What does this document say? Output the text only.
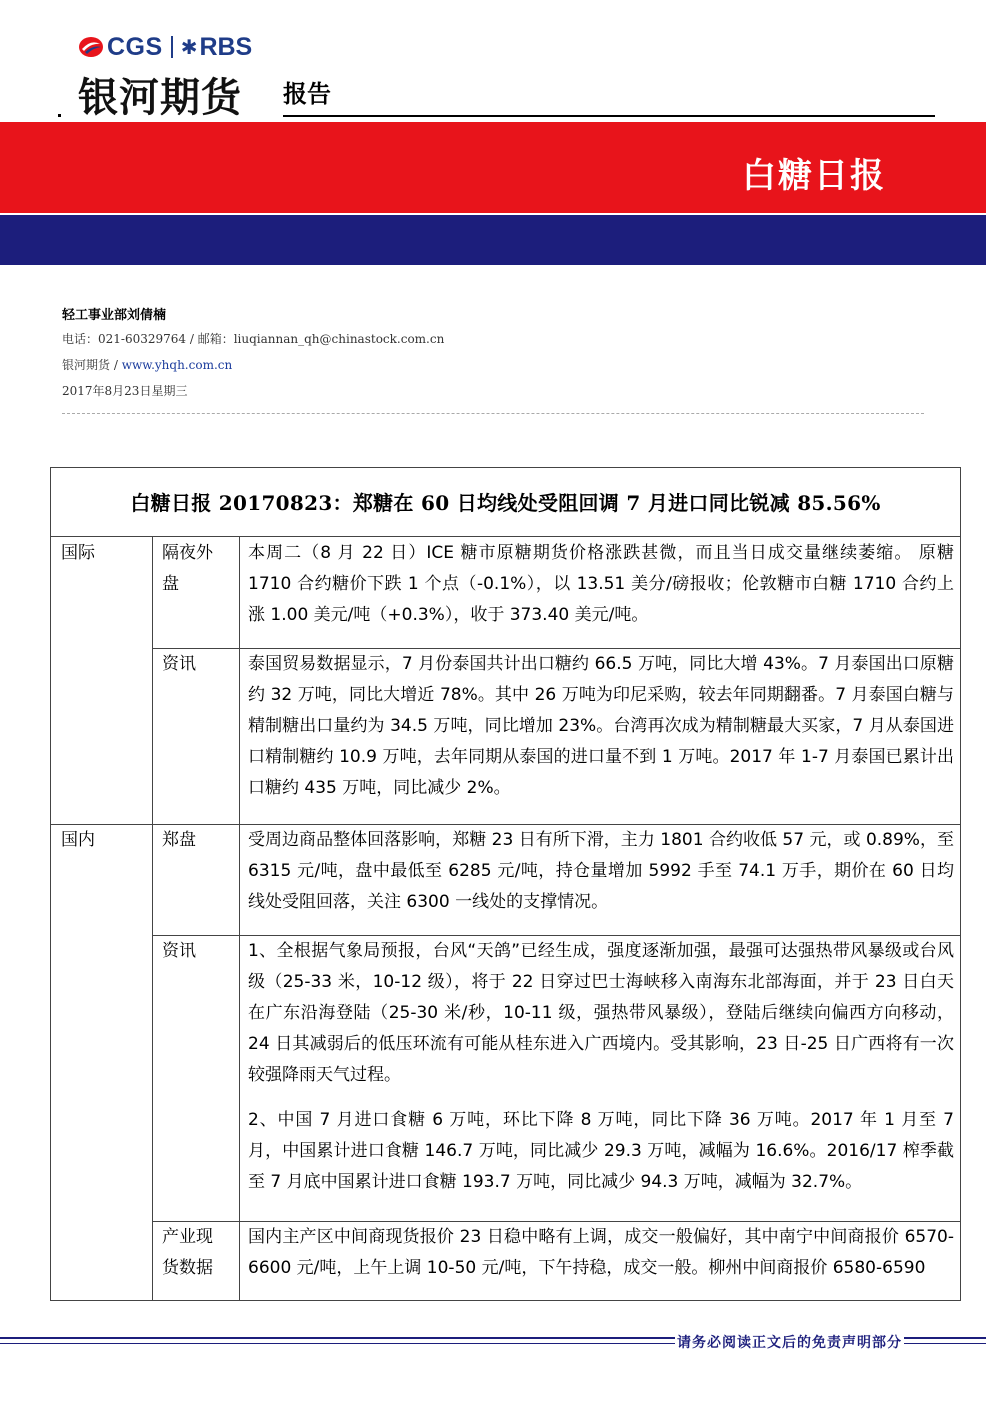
CGS ✱ RBS
银河期货 报告
白糖日报
轻工事业部刘倩楠
电话：021-60329764 / 邮箱：liuqiannan_qh@chinastock.com.cn
银河期货 / www.yhqh.com.cn
2017年8月23日星期三
白糖日报 20170823：郑糖在 60 日均线处受阻回调 7 月进口同比锐减 85.56%
国际
国内
隔夜外盘
资讯
郑盘
资讯
产业现货数据

本周二（8 月 22 日）ICE 糖市原糖期货价格涨跌甚微，而且当日成交量继续萎缩。 原糖 1710 合约糖价下跌 1 个点（-0.1%），以 13.51 美分/磅报收；伦敦糖市白糖 1710 合约上涨 1.00 美元/吨（+0.3%），收于 373.40 美元/吨。

泰国贸易数据显示，7 月份泰国共计出口糖约 66.5 万吨，同比大增 43%。7 月泰国出口原糖约 32 万吨，同比大增近 78%。其中 26 万吨为印尼采购，较去年同期翻番。7 月泰国白糖与精制糖出口量约为 34.5 万吨，同比增加 23%。台湾再次成为精制糖最大买家，7 月从泰国进口精制糖约 10.9 万吨，去年同期从泰国的进口量不到 1 万吨。2017 年 1-7 月泰国已累计出口糖约 435 万吨，同比减少 2%。

受周边商品整体回落影响，郑糖 23 日有所下滑，主力 1801 合约收低 57 元，或 0.89%，至 6315 元/吨，盘中最低至 6285 元/吨，持仓量增加 5992 手至 74.1 万手，期价在 60 日均线处受阻回落，关注 6300 一线处的支撑情况。

1、全根据气象局预报，台风“天鸽”已经生成，强度逐渐加强，最强可达强热带风暴级或台风级（25-33 米，10-12 级），将于 22 日穿过巴士海峡移入南海东北部海面，并于 23 日白天在广东沿海登陆（25-30 米/秒，10-11 级，强热带风暴级），登陆后继续向偏西方向移动，24 日其减弱后的低压环流有可能从桂东进入广西境内。受其影响，23 日-25 日广西将有一次较强降雨天气过程。

2、中国 7 月进口食糖 6 万吨，环比下降 8 万吨，同比下降 36 万吨。2017 年 1 月至 7 月，中国累计进口食糖 146.7 万吨，同比减少 29.3 万吨，减幅为 16.6%。2016/17 榨季截至 7 月底中国累计进口食糖 193.7 万吨，同比减少 94.3 万吨，减幅为 32.7%。

国内主产区中间商现货报价 23 日稳中略有上调，成交一般偏好，其中南宁中间商报价 6570-6600 元/吨，上午上调 10-50 元/吨，下午持稳，成交一般。柳州中间商报价 6580-6590

请务必阅读正文后的免责声明部分
